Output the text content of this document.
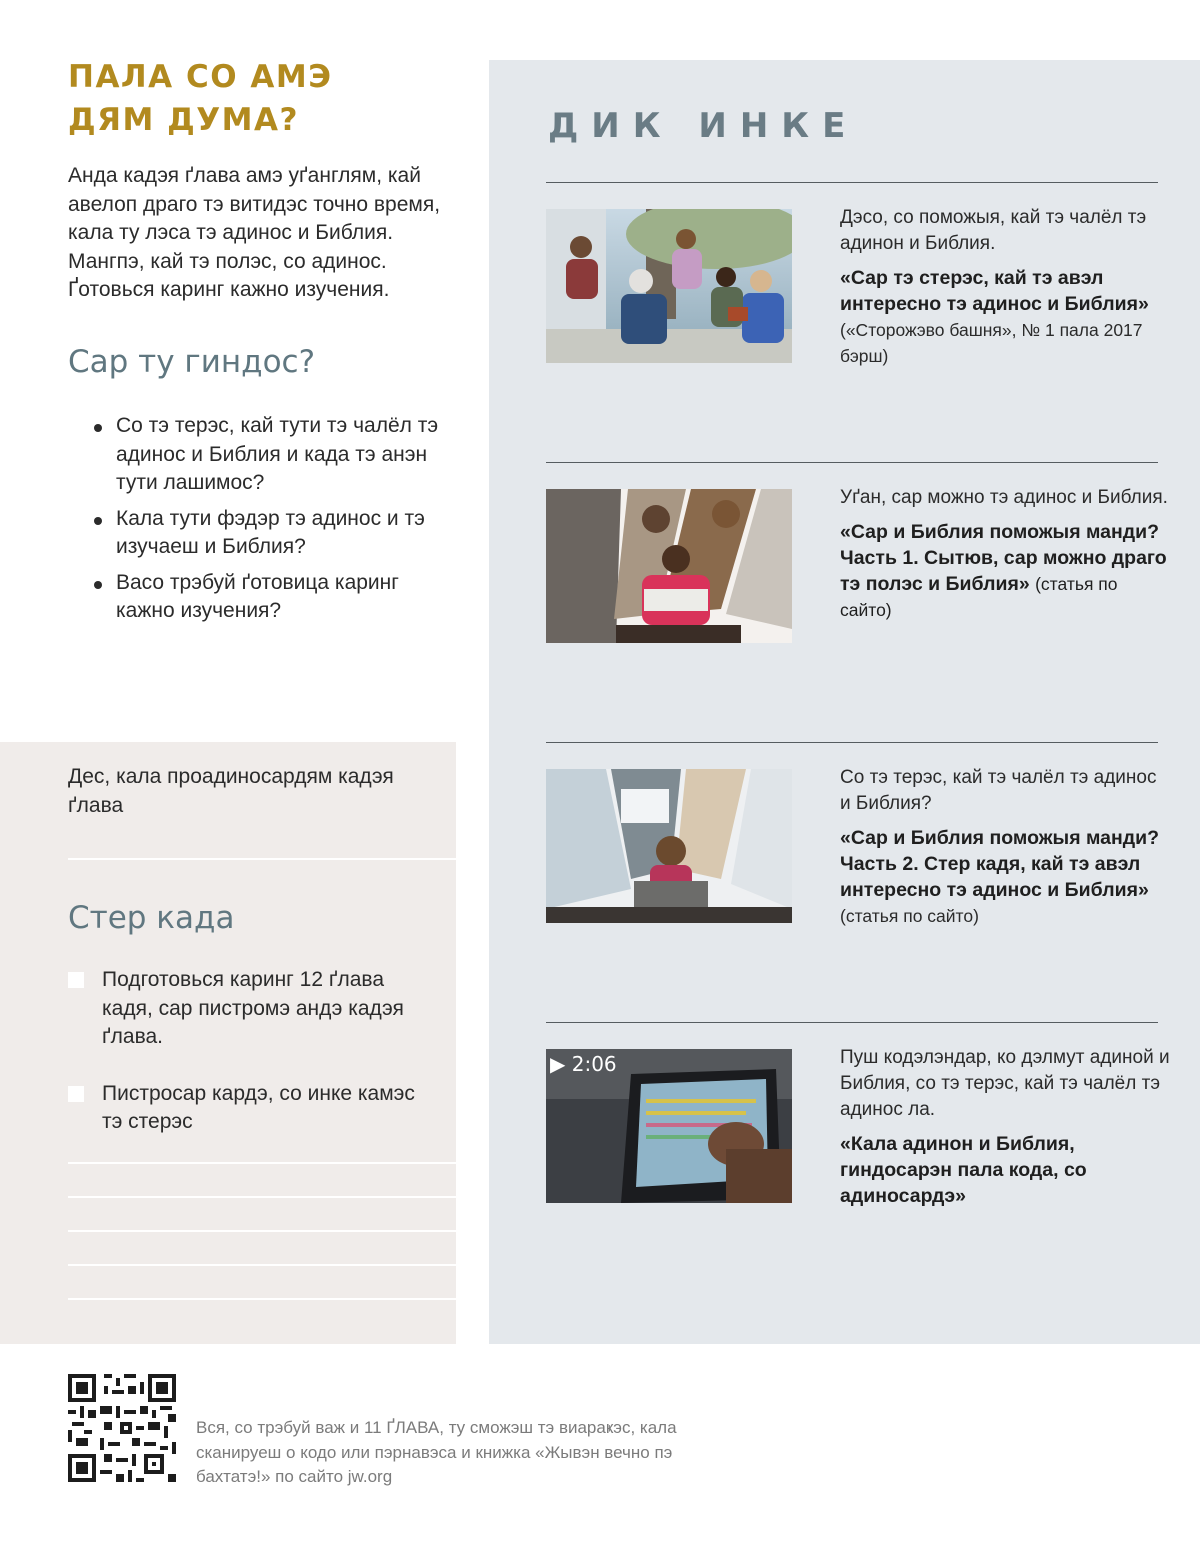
ПАЛА СО АМЭ
ДЯМ ДУМА?

Анда кадэя ґлава амэ уґанглям, кай авелоп драго тэ витидэс точно время, кала ту лэса тэ адинос и Библия. Мангпэ, кай тэ полэс, со адинос. Ґотовься каринг кажно изучения.

Сар ту гиндос?
Со тэ терэс, кай тути тэ чалёл тэ адинос и Библия и када тэ анэн тути лашимос?
Кала тути фэдэр тэ адинос и тэ изучаеш и Библия?
Васо трэбуй ґотовица каринг кажно изучения?
Дес, кала проадиносардям кадэя ґлава
Стер када
Подготовься каринг 12 ґлава кадя, сар пистромэ андэ кадэя ґлава.
Пистросар кардэ, со инке камэс тэ стерэс
ДИК ИНКЕ
Дэсо, со поможыя, кай тэ чалёл тэ адинон и Библия.
«Сар тэ стерэс, кай тэ авэл интересно тэ адинос и Библия»
(«Сторожэво башня», № 1 пала 2017 бэрш)
Уґан, сар можно тэ адинос и Библия.
«Сар и Библия поможыя манди? Часть 1. Сытюв, сар можно драго тэ полэс и Библия» (статья по сайто)
Со тэ терэс, кай тэ чалёл тэ адинос и Библия?
«Сар и Библия поможыя манди? Часть 2. Стер кадя, кай тэ авэл интересно тэ адинос и Библия»
(статья по сайто)
▶ 2:06	Пуш кодэлэндар, ко дэлмут адиной и Библия, со тэ терэс, кай тэ чалёл тэ адинос ла.
«Кала адинон и Библия, гиндосарэн пала кода, со адиносардэ»

Вся, со трэбуй важ и 11 ҐЛАВА, ту сможэш тэ виараҝэс, кала сканируеш о кодо или пэрнавэса и книжка «Жывэн вечно пэ бахтатэ!» по сайто jw.org
